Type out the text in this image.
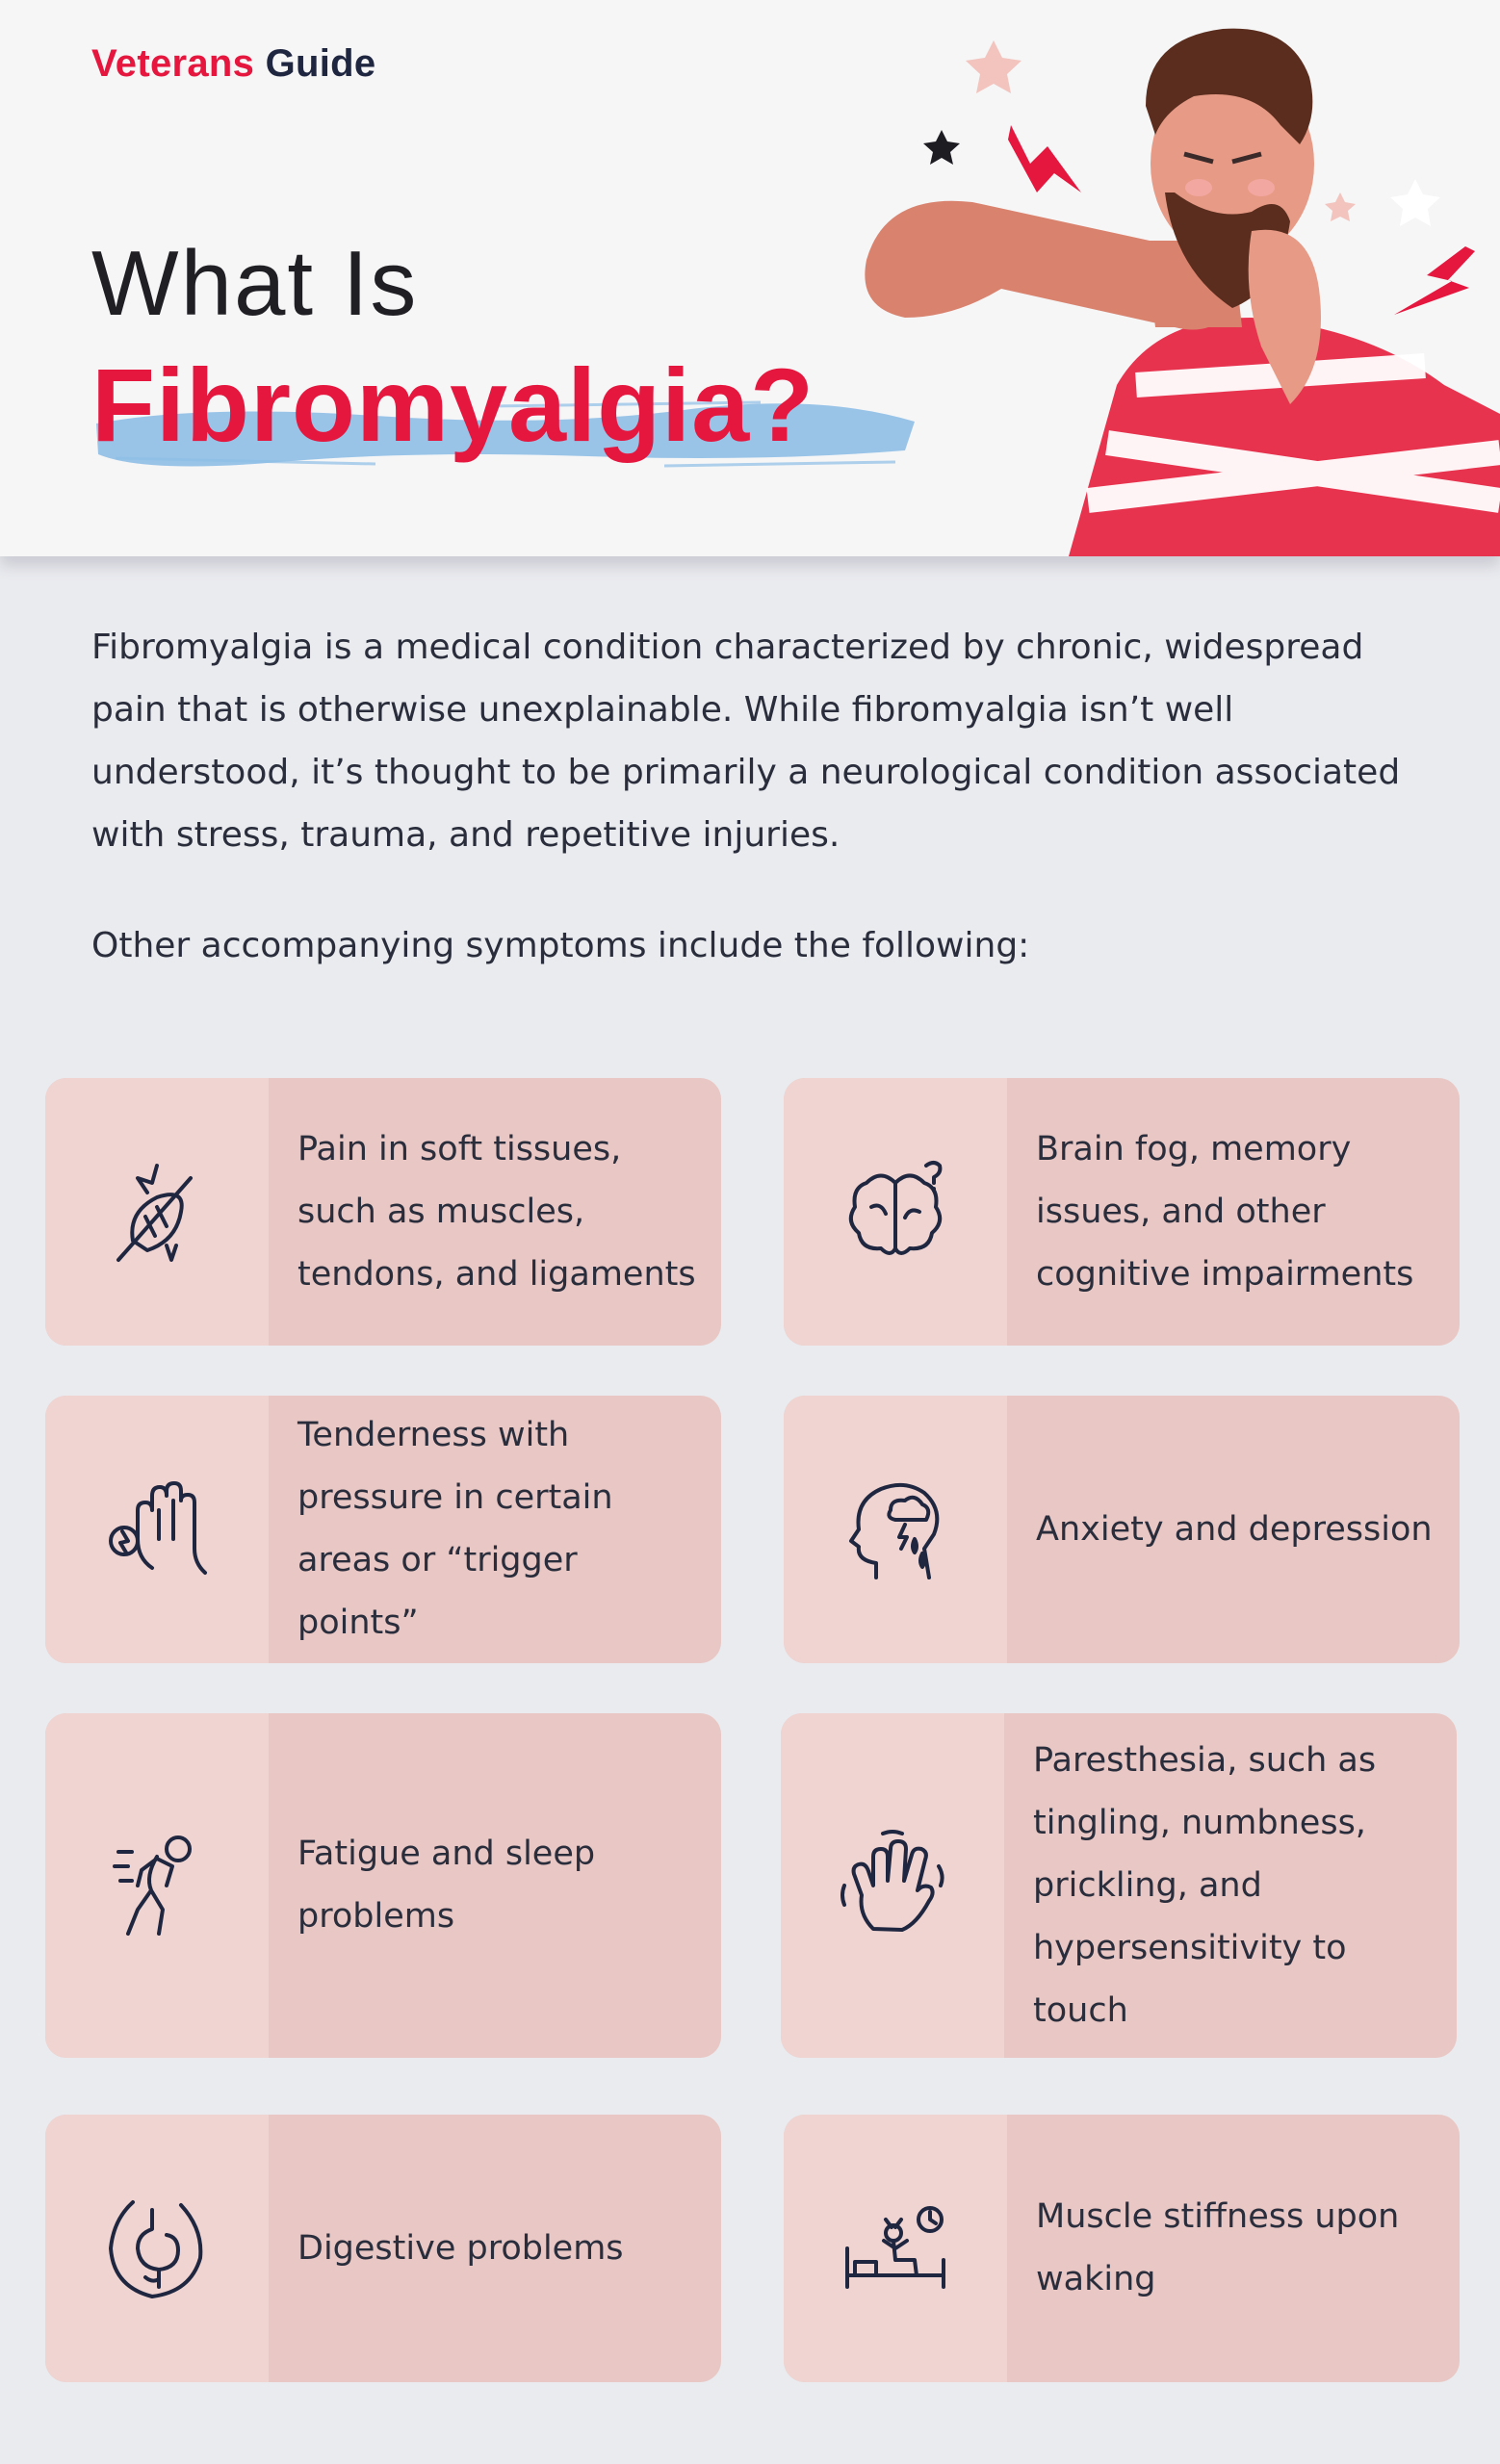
Veterans Guide
What Is
Fibromyalgia?

Fibromyalgia is a medical condition characterized by chronic, widespread pain that is otherwise unexplainable. While fibromyalgia isn’t well understood, it’s thought to be primarily a neurological condition associated with stress, trauma, and repetitive injuries.

Other accompanying symptoms include the following:

Pain in soft tissues, such as muscles, tendons, and ligaments
Brain fog, memory issues, and other cognitive impairments
Tenderness with pressure in certain areas or “trigger points”
Anxiety and depression
Fatigue and sleep problems
Paresthesia, such as tingling, numbness, prickling, and hypersensitivity to touch
Digestive problems
Muscle stiffness upon waking
